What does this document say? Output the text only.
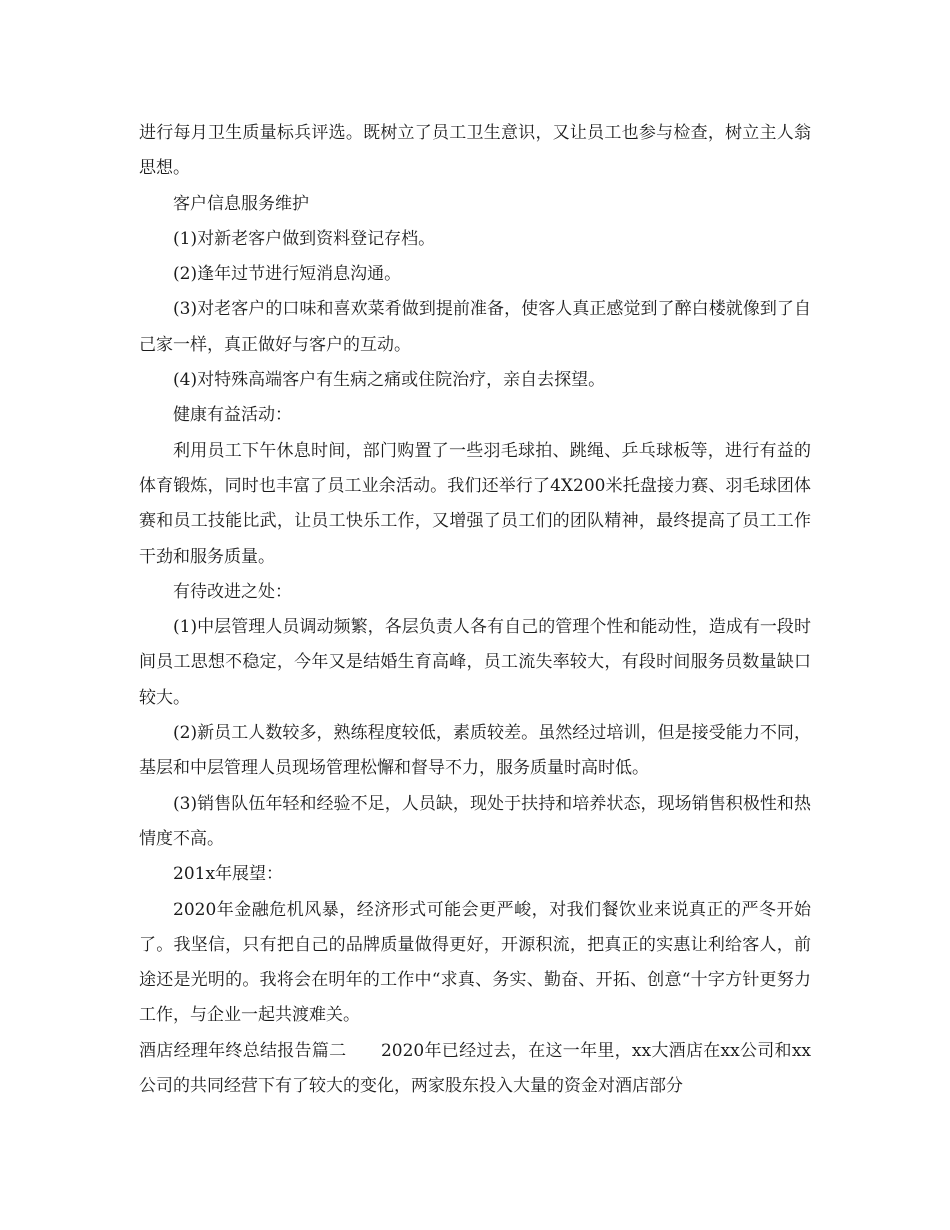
进行每月卫生质量标兵评选。既树立了员工卫生意识，又让员工也参与检查，树立主人翁思想。

客户信息服务维护

(1)对新老客户做到资料登记存档。

(2)逢年过节进行短消息沟通。

(3)对老客户的口味和喜欢菜肴做到提前准备，使客人真正感觉到了醉白楼就像到了自己家一样，真正做好与客户的互动。

(4)对特殊高端客户有生病之痛或住院治疗，亲自去探望。

健康有益活动：

利用员工下午休息时间，部门购置了一些羽毛球拍、跳绳、乒乓球板等，进行有益的体育锻炼，同时也丰富了员工业余活动。我们还举行了4X200米托盘接力赛、羽毛球团体赛和员工技能比武，让员工快乐工作，又增强了员工们的团队精神，最终提高了员工工作干劲和服务质量。

有待改进之处：

(1)中层管理人员调动频繁，各层负责人各有自己的管理个性和能动性，造成有一段时间员工思想不稳定，今年又是结婚生育高峰，员工流失率较大，有段时间服务员数量缺口较大。

(2)新员工人数较多，熟练程度较低，素质较差。虽然经过培训，但是接受能力不同，基层和中层管理人员现场管理松懈和督导不力，服务质量时高时低。

(3)销售队伍年轻和经验不足，人员缺，现处于扶持和培养状态，现场销售积极性和热情度不高。

201x年展望：

2020年金融危机风暴，经济形式可能会更严峻，对我们餐饮业来说真正的严冬开始了。我坚信，只有把自己的品牌质量做得更好，开源积流，把真正的实惠让利给客人，前途还是光明的。我将会在明年的工作中“求真、务实、勤奋、开拓、创意“十字方针更努力工作，与企业一起共渡难关。

酒店经理年终总结报告篇二　　2020年已经过去，在这一年里，xx大酒店在xx公司和xx公司的共同经营下有了较大的变化，两家股东投入大量的资金对酒店部分
